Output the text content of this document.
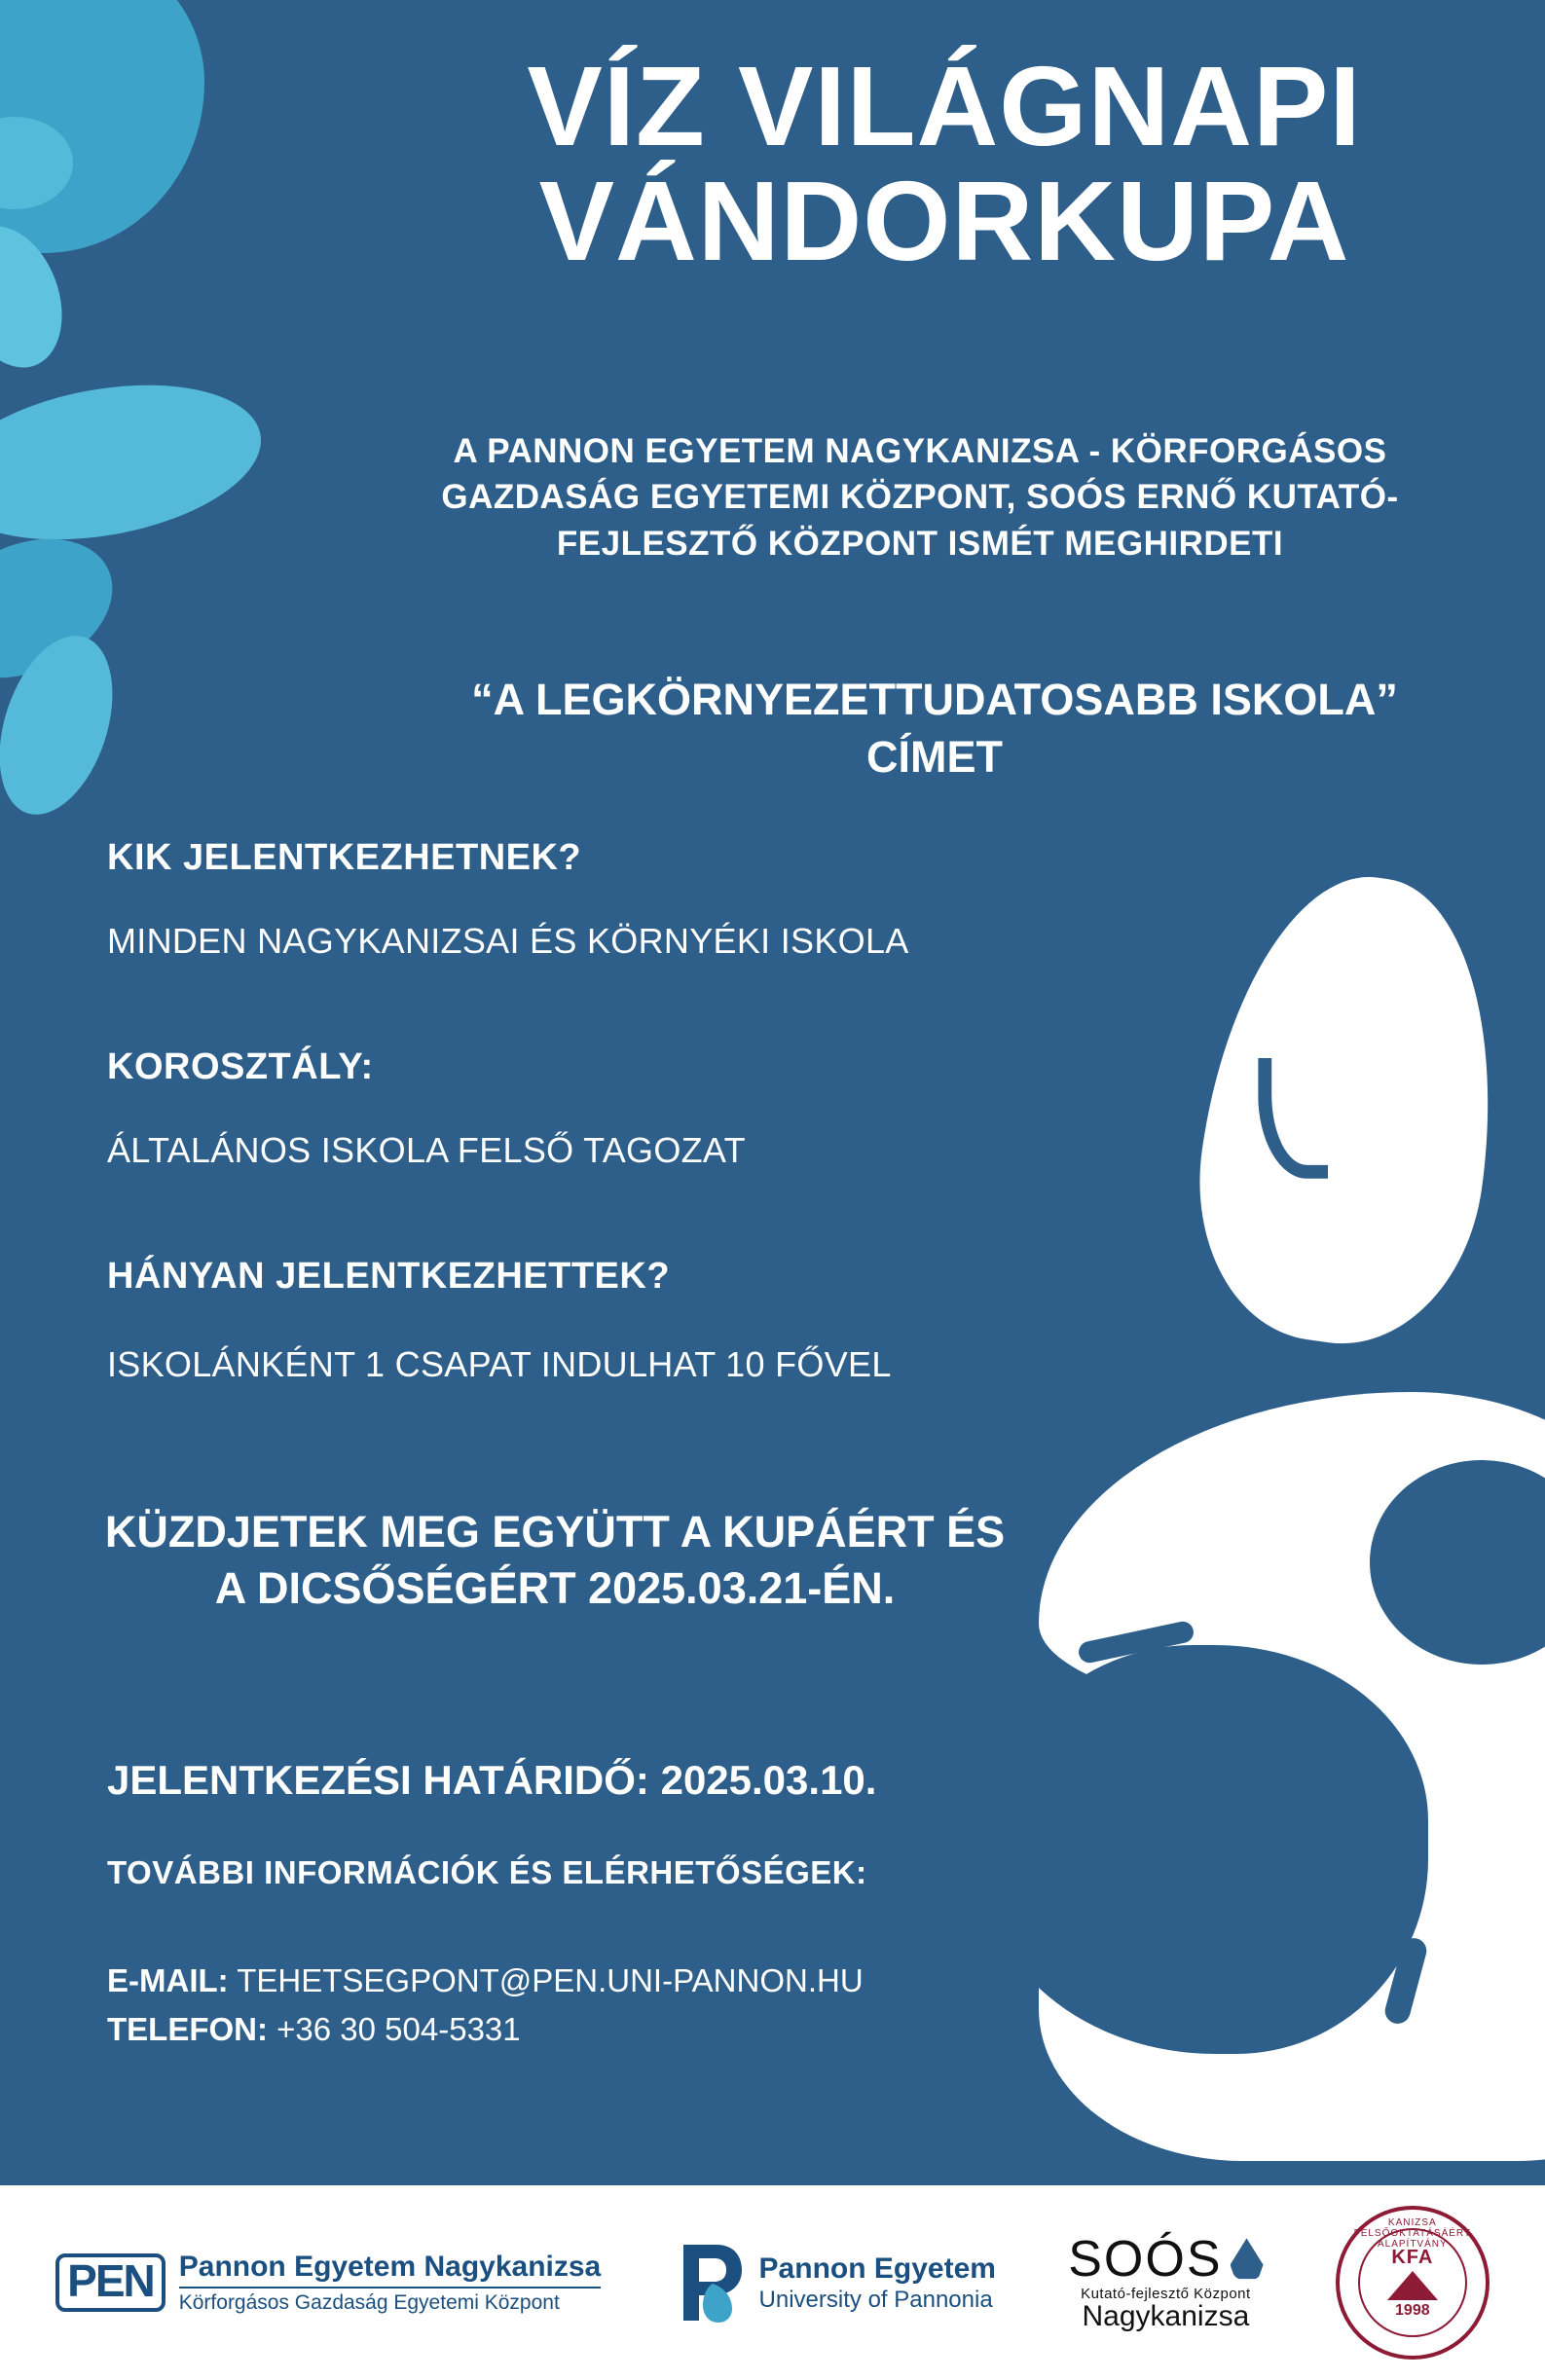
VÍZ VILÁGNAPI VÁNDORKUPA
A PANNON EGYETEM NAGYKANIZSA - KÖRFORGÁSOS GAZDASÁG EGYETEMI KÖZPONT, SOÓS ERNŐ KUTATÓ-FEJLESZTŐ KÖZPONT ISMÉT MEGHIRDETI
“A LEGKÖRNYEZETTUDATOSABB ISKOLA” CÍMET
KIK JELENTKEZHETNEK?
MINDEN NAGYKANIZSAI ÉS KÖRNYÉKI ISKOLA
KOROSZTÁLY:
ÁLTALÁNOS ISKOLA FELSŐ TAGOZAT
HÁNYAN JELENTKEZHETTEK?
ISKOLÁNKÉNT 1 CSAPAT INDULHAT 10 FŐVEL
KÜZDJETEK MEG EGYÜTT A KUPÁÉRT ÉS A DICSŐSÉGÉRT 2025.03.21-ÉN.
JELENTKEZÉSI HATÁRIDŐ: 2025.03.10.
TOVÁBBI INFORMÁCIÓK ÉS ELÉRHETŐSÉGEK:
E-MAIL: TEHETSEGPONT@PEN.UNI-PANNON.HU
TELEFON: +36 30 504-5331
PEN Pannon Egyetem Nagykanizsa
Körforgásos Gazdaság Egyetemi Központ
Pannon Egyetem
University of Pannonia
SOÓS
Kutató-fejlesztő Központ
Nagykanizsa
KANIZSA FELSŐOKTATÁSÁÉRT ALAPÍTVÁNY
KFA
1998
